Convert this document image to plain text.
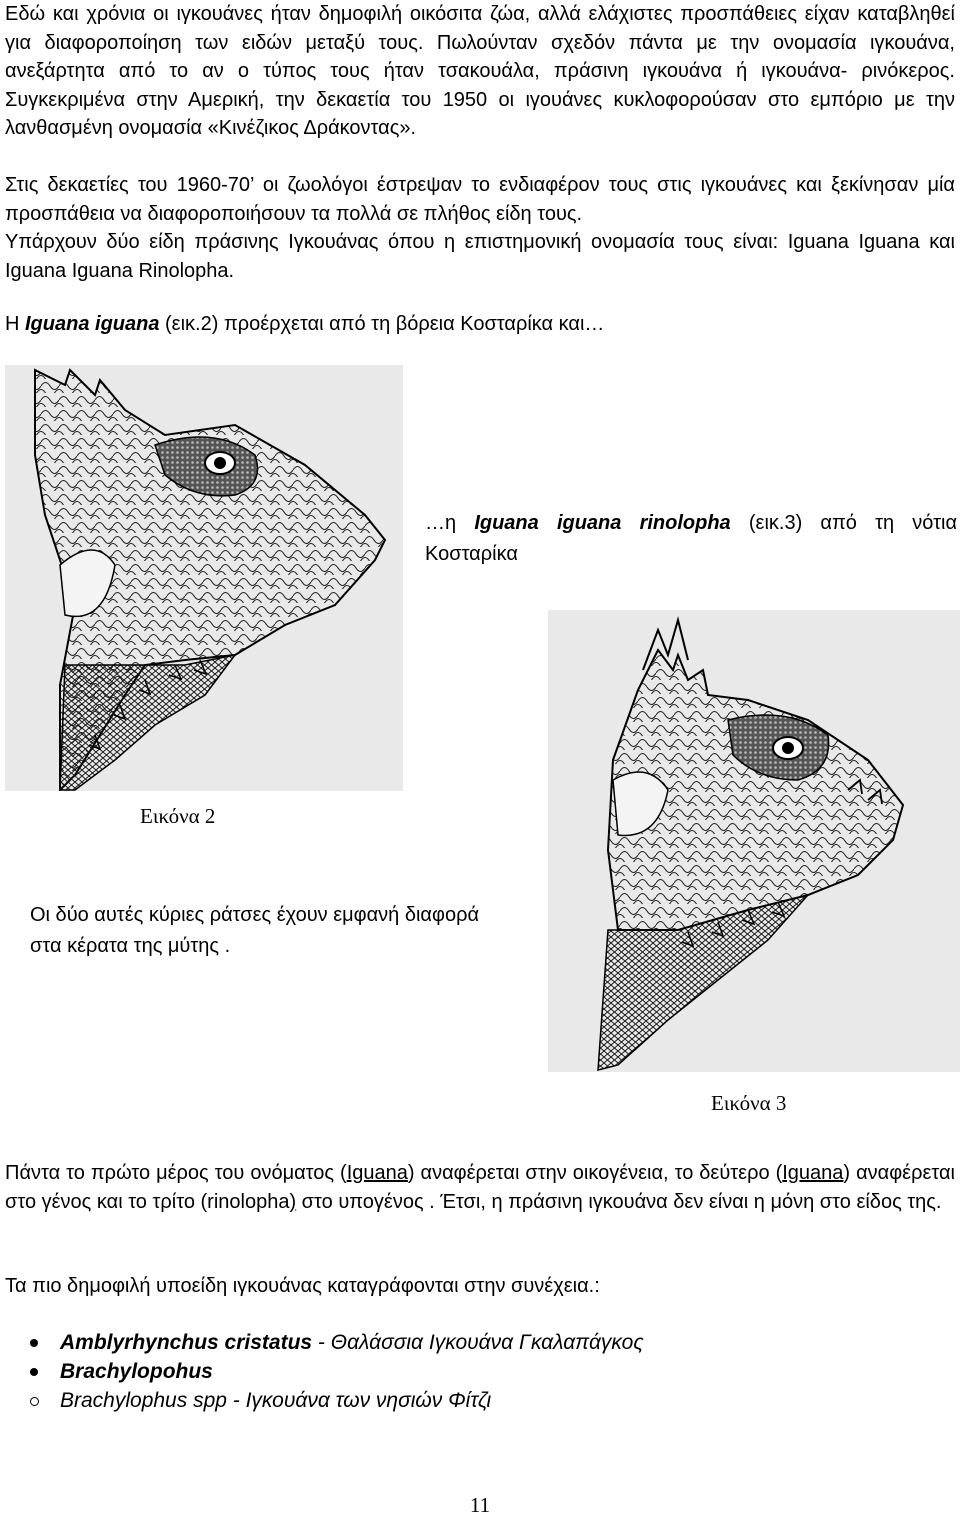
Εδώ και χρόνια οι ιγκουάνες ήταν δημοφιλή οικόσιτα ζώα, αλλά ελάχιστες προσπάθειες είχαν καταβληθεί για διαφοροποίηση των ειδών μεταξύ τους. Πωλούνταν σχεδόν πάντα με την ονομασία ιγκουάνα, ανεξάρτητα από το αν ο τύπος τους ήταν τσακουάλα, πράσινη ιγκουάνα ή ιγκουάνα- ρινόκερος. Συγκεκριμένα στην Αμερική, την δεκαετία του 1950 οι ιγουάνες κυκλοφορούσαν στο εμπόριο με την λανθασμένη ονομασία «Κινέζικος Δράκοντας».

Στις δεκαετίες του 1960-70’ οι ζωολόγοι έστρεψαν το ενδιαφέρον τους στις ιγκουάνες και ξεκίνησαν μία προσπάθεια να διαφοροποιήσουν τα πολλά σε πλήθος είδη τους.

Υπάρχουν δύο είδη πράσινης Ιγκουάνας όπου η επιστημονική ονομασία τους είναι: Iguana Iguana και Iguana Iguana Rinolopha.

Η Iguana iguana (εικ.2) προέρχεται από τη βόρεια Κοσταρίκα και…

…η Iguana iguana rinolopha (εικ.3) από τη νότια Κοσταρίκα
Εικόνα 2
Οι δύο αυτές κύριες ράτσες έχουν εμφανή διαφορά στα κέρατα της μύτης .
Εικόνα 3

Πάντα το πρώτο μέρος του ονόματος (Iguana) αναφέρεται στην οικογένεια, το δεύτερο (Iguana) αναφέρεται στο γένος και το τρίτο (rinolopha) στο υπογένος . Έτσι, η πράσινη ιγκουάνα δεν είναι η μόνη στο είδος της.

Τα πιο δημοφιλή υποείδη ιγκουάνας καταγράφονται στην συνέχεια.:

Amblyrhynchus cristatus - Θαλάσσια Ιγκουάνα Γκαλαπάγκος
Brachylopohus
Brachylophus spp - Ιγκουάνα των νησιών Φίτζι
11
